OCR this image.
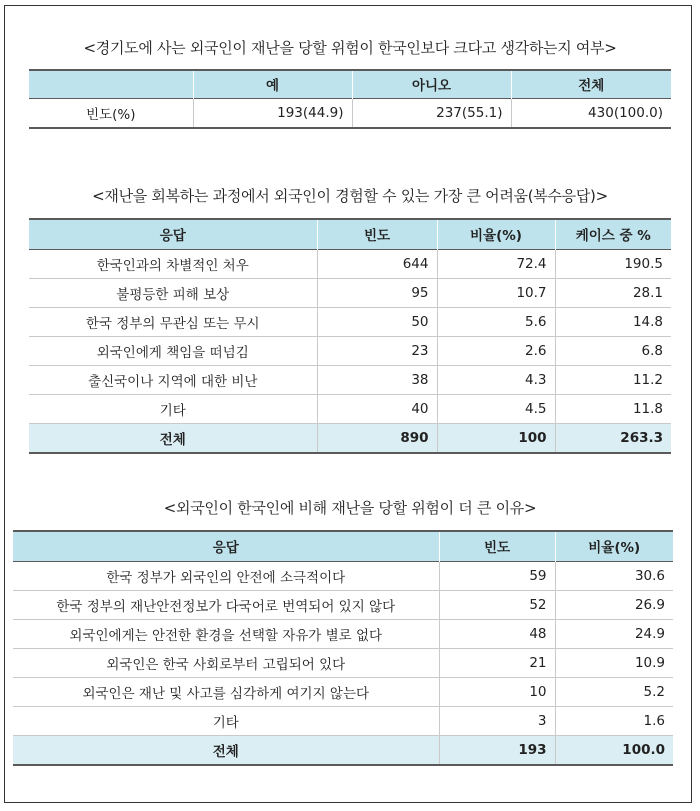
<경기도에 사는 외국인이 재난을 당할 위험이 한국인보다 크다고 생각하는지 여부>
	예	아니오	전체
빈도(%)	193(44.9)	237(55.1)	430(100.0)
<재난을 회복하는 과정에서 외국인이 경험할 수 있는 가장 큰 어려움(복수응답)>
응답	빈도	비율(%)	케이스 중 %
한국인과의 차별적인 처우	644	72.4	190.5
불평등한 피해 보상	95	10.7	28.1
한국 정부의 무관심 또는 무시	50	5.6	14.8
외국인에게 책임을 떠넘김	23	2.6	6.8
출신국이나 지역에 대한 비난	38	4.3	11.2
기타	40	4.5	11.8
전체	890	100	263.3
<외국인이 한국인에 비해 재난을 당할 위험이 더 큰 이유>
응답	빈도	비율(%)
한국 정부가 외국인의 안전에 소극적이다	59	30.6
한국 정부의 재난안전정보가 다국어로 번역되어 있지 않다	52	26.9
외국인에게는 안전한 환경을 선택할 자유가 별로 없다	48	24.9
외국인은 한국 사회로부터 고립되어 있다	21	10.9
외국인은 재난 및 사고를 심각하게 여기지 않는다	10	5.2
기타	3	1.6
전체	193	100.0
